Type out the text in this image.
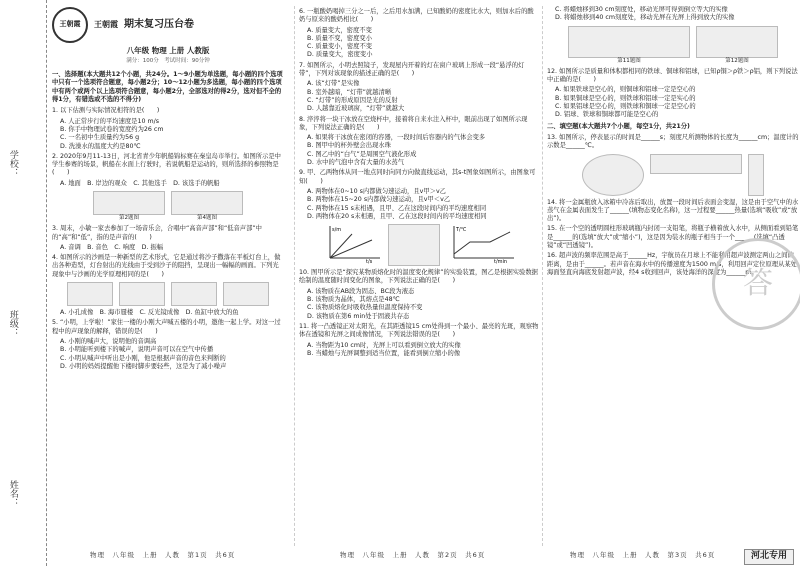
学校：
班级：
姓名：
王朝霞	王朝霞 期末复习压台卷
八年级 物理 上册 人教版
满分：100分　考试时间：90分钟
一、选择题(本大题共12个小题，共24分。1～9小题为单选题，每小题的四个选项中只有一个选项符合题意，每小题2分；10～12小题为多选题，每小题的四个选项中有两个或两个以上选项符合题意，每小题2分，全部选对的得2分，选对但不全的得1分，有错选或不选的不得分)
1. 以下估测与实际情况相符的是(　　)
A. 人正常步行的平均速度是10 m/s
B. 你手中物理试卷的宽度约为26 cm
C. 一名初中生质量约为56 g
D. 洗澡水的温度大约是80℃
2. 2020年9月11-13日，河北省青少年帆船锦标赛在秦皇岛市举行。如图所示是中学生参赛的场景，帆船在水面上行驶时，若说帆船是运动的，则所选择的参照物是(　　)
A. 地面　B. 岸边的观众　C. 其他选手　D. 该选手的帆船
第2题图	第4题图
3. 周末，小敏一家去参加了一场音乐会，合唱中“高音声部”和“低音声部”中的“高”和“低”，指的是声音的(　　)
A. 音调　B. 音色　C. 响度　D. 振幅
4. 如图所示的沙画是一种新型的艺术形式，它是通过将沙子撒落在平板灯台上，做出各种造型，灯台射出的光线由于受到沙子的阻挡，呈现出一幅幅的画面。下列光现象中与沙画的光学原理相同的是(　　)
A. 小孔成像　B. 海市蜃楼　C. 反光镜成像　D. 鱼缸中放大的鱼
5. “小明，上学啦！”家住一楼的小刚大声喊五楼的小明，邀他一起上学。对这一过程中的声现象的解释，错误的是(　　)
A. 小刚的喊声大，说明他的音调高
B. 小明能听到楼下的喊声，说明声音可以在空气中传播
C. 小明从喊声中听出是小刚，他是根据声音的音色来判断的
D. 小明的妈妈提醒他下楼时脚步要轻些，这是为了减小噪声
6. 一瓶酸奶喝掉三分之一后，之后用水加满，已知酸奶的密度比水大，则加水后的酸奶与原来的酸奶相比(　　)
A. 质量变大，密度不变
B. 质量不变，密度变小
C. 质量变小，密度不变
D. 质量变大，密度变小
7. 如图所示，小明去照镜子，发现屋内开着的灯在窗户玻璃上形成一段“悬浮的灯带”，下列对该现象的描述正确的是(　　)
A. 该“灯带”是实像
B. 室外越暗，“灯带”就越清晰
C. “灯带”的形成原因是光的反射
D. 人越靠近玻璃窗，“灯带”就越大
8. 淬淬将一块干冰放在空烧杯中，接着将自来水注入杯中，眼前出现了如图所示现象，下列说法正确的是(　　)
A. 如果将干冰放在密闭的容器，一段时间后容器内的气体会变多
B. 图甲中的杯外壁会出现水珠
C. 图乙中的“白气”是周围空气液化形成
D. 水中的气泡中含有大量的水蒸气
9. 甲、乙两物体从同一地点同时向同方向做直线运动，其s-t图象如图所示，由图象可知(　　)
A. 两物体在0~10 s内都做匀速运动，且v甲＞v乙
B. 两物体在15~20 s内都做匀速运动，且v甲＜v乙
C. 两物体在15 s末相遇，且甲、乙在这段时间内的平均速度相同
D. 两物体在20 s末相遇，且甲、乙在这段时间内的平均速度相同
s/m
t/s
T/℃
t/min
10. 图甲所示是“探究某物质熔化时的温度变化规律”的实验装置，图乙是根据实验数据绘制的温度随时间变化的图象，下列说法正确的是(　　)
A. 该物质在AB段为固态、BC段为液态
B. 该物质为晶体，其熔点是48℃
C. 该物质熔化时吸收热量但温度保持不变
D. 该物质在第6 min处于固液共存态
11. 将一凸透镜正对太阳光，在其距透镜15 cm处得到一个最小、最亮的光斑，观察物体在透镜和光屏之间成像情况，下列说法错误的是(　　)
A. 当物距为10 cm时，光屏上可以看到倒立放大的实像
B. 当蜡烛与光屏调整到适当位置，能看到倒立缩小的像
C. 将蜡烛移到30 cm刻度处，移动光屏可得到倒立等大的实像
D. 将蜡烛移到40 cm刻度处，移动光屏在光屏上得到放大的实像
第11题图	第12题图
12. 如图所示是质量和体积都相同的铁球、铜球和铝球，已知ρ铜＞ρ铁＞ρ铝，则下列说法中正确的是(　　)
A. 如果铁球是空心的，则铜球和铝球一定是空心的
B. 如果铜球是空心的，则铁球和铝球一定是实心的
C. 如果铝球是空心的，则铁球和铜球一定是空心的
D. 铝球、铁球和铜球都可能是空心的
二、填空题(本大题共7个小题，每空1分，共21分)
13. 如图所示，停表显示的时间是______s；刻度尺所测物体的长度为______cm；温度计的示数是______℃。
14. 将一金属瓶放入冰箱中冷冻后取出，放置一段时间后表面会变湿，这是由于空气中的水蒸气在金属表面发生了______(填物态变化名称)，这一过程要______热量(选填“吸收”或“放出”)。
15. 在一个空的透明圆柱形玻璃瓶内封闭一支铅笔，将瓶子横着放入水中，从侧面看到铅笔是______的(选填“放大”或“缩小”)，这是因为装水的瓶子相当于一个______(选填“凸透镜”或“凹透镜”)。
16. 超声波的频率范围是高于______Hz，宇航员在月球上不能利用超声波测定两山之间的距离，是由于______。若声音在海水中的传播速度为1500 m/s，利用回声定位原理从某处海面竖直向海底发射超声波，经4 s收到回声，该处海洋的深度为______m。
答
物理　八年级　上册　人教　第1页　共6页	物理　八年级　上册　人教　第2页　共6页	物理　八年级　上册　人教　第3页　共6页	河北专用
